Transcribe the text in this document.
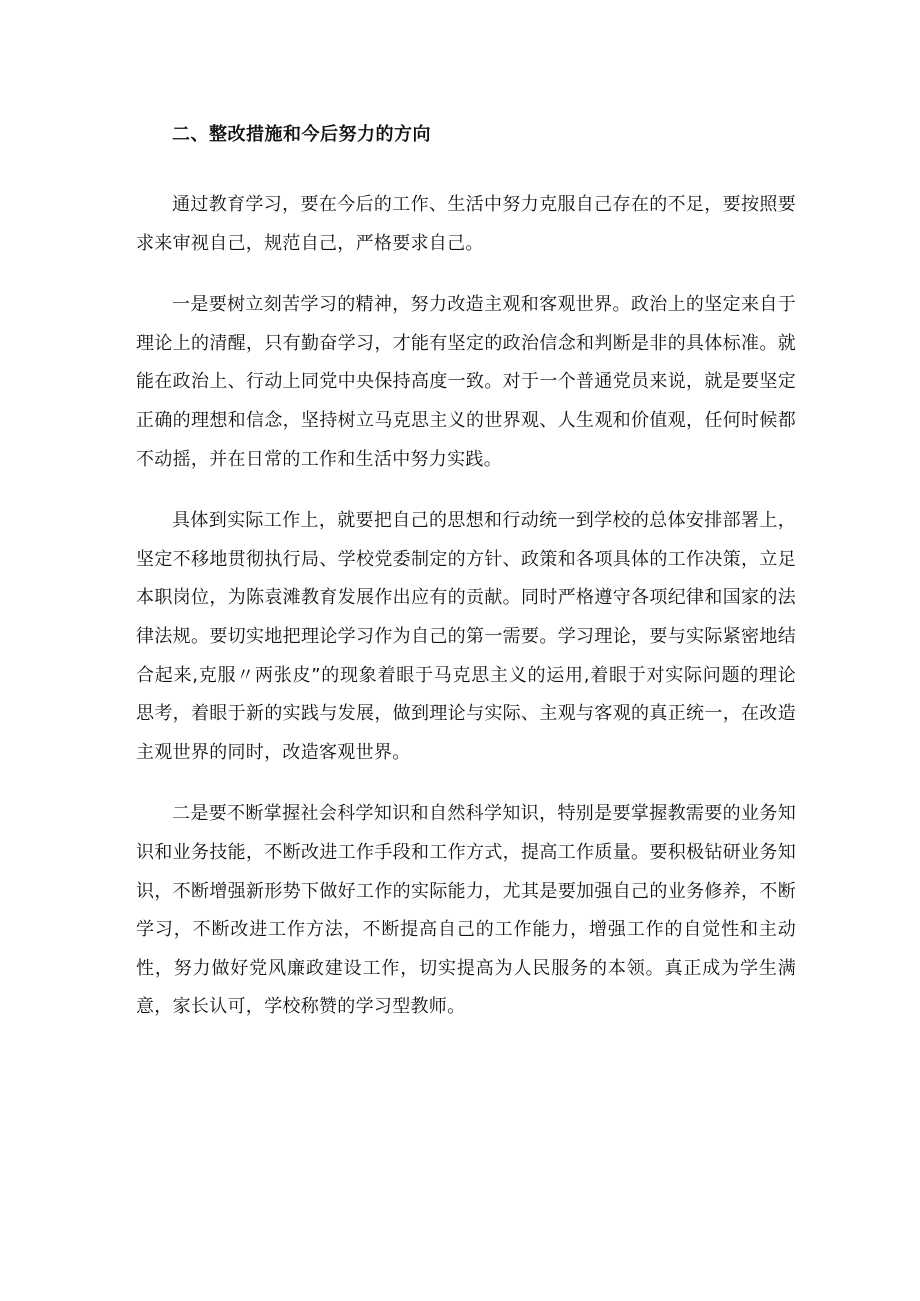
二、整改措施和今后努力的方向

通过教育学习，要在今后的工作、生活中努力克服自己存在的不足，要按照要求来审视自己，规范自己，严格要求自己。

一是要树立刻苦学习的精神，努力改造主观和客观世界。政治上的坚定来自于理论上的清醒，只有勤奋学习，才能有坚定的政治信念和判断是非的具体标准。就能在政治上、行动上同党中央保持高度一致。对于一个普通党员来说，就是要坚定正确的理想和信念，坚持树立马克思主义的世界观、人生观和价值观，任何时候都不动摇，并在日常的工作和生活中努力实践。

具体到实际工作上，就要把自己的思想和行动统一到学校的总体安排部署上，坚定不移地贯彻执行局、学校党委制定的方针、政策和各项具体的工作决策，立足本职岗位，为陈袁滩教育发展作出应有的贡献。同时严格遵守各项纪律和国家的法律法规。要切实地把理论学习作为自己的第一需要。学习理论，要与实际紧密地结合起来,克服〃两张皮”的现象着眼于马克思主义的运用,着眼于对实际问题的理论思考，着眼于新的实践与发展，做到理论与实际、主观与客观的真正统一，在改造主观世界的同时，改造客观世界。

二是要不断掌握社会科学知识和自然科学知识，特别是要掌握教需要的业务知识和业务技能，不断改进工作手段和工作方式，提高工作质量。要积极钻研业务知识，不断增强新形势下做好工作的实际能力，尤其是要加强自己的业务修养，不断学习，不断改进工作方法，不断提高自己的工作能力，增强工作的自觉性和主动性，努力做好党风廉政建设工作，切实提高为人民服务的本领。真正成为学生满意，家长认可，学校称赞的学习型教师。
